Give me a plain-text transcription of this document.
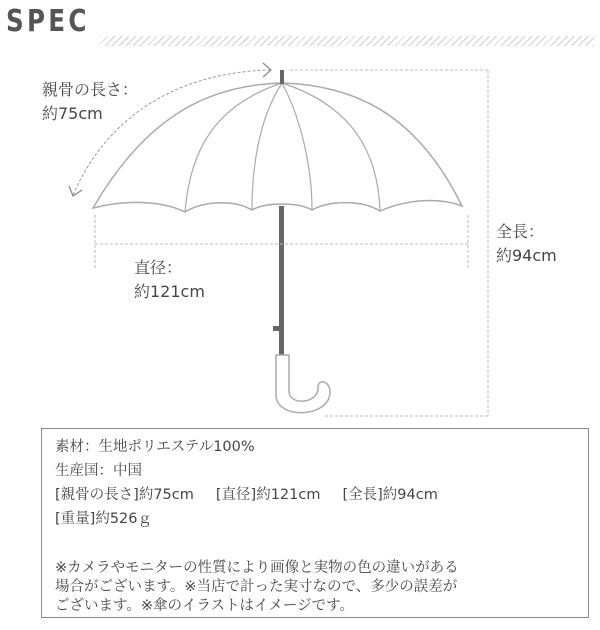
SPEC
親骨の長さ：
約75cm
直径：
約121cm
全長：
約94cm
素材：生地ポリエステル100%
生産国：中国
[親骨の長さ]約75cm [直径]約121cm [全長]約94cm
[重量]約526ｇ
※カメラやモニターの性質により画像と実物の色の違いがある
場合がございます。※当店で計った実寸なので、多少の誤差が
ございます。※傘のイラストはイメージです。
